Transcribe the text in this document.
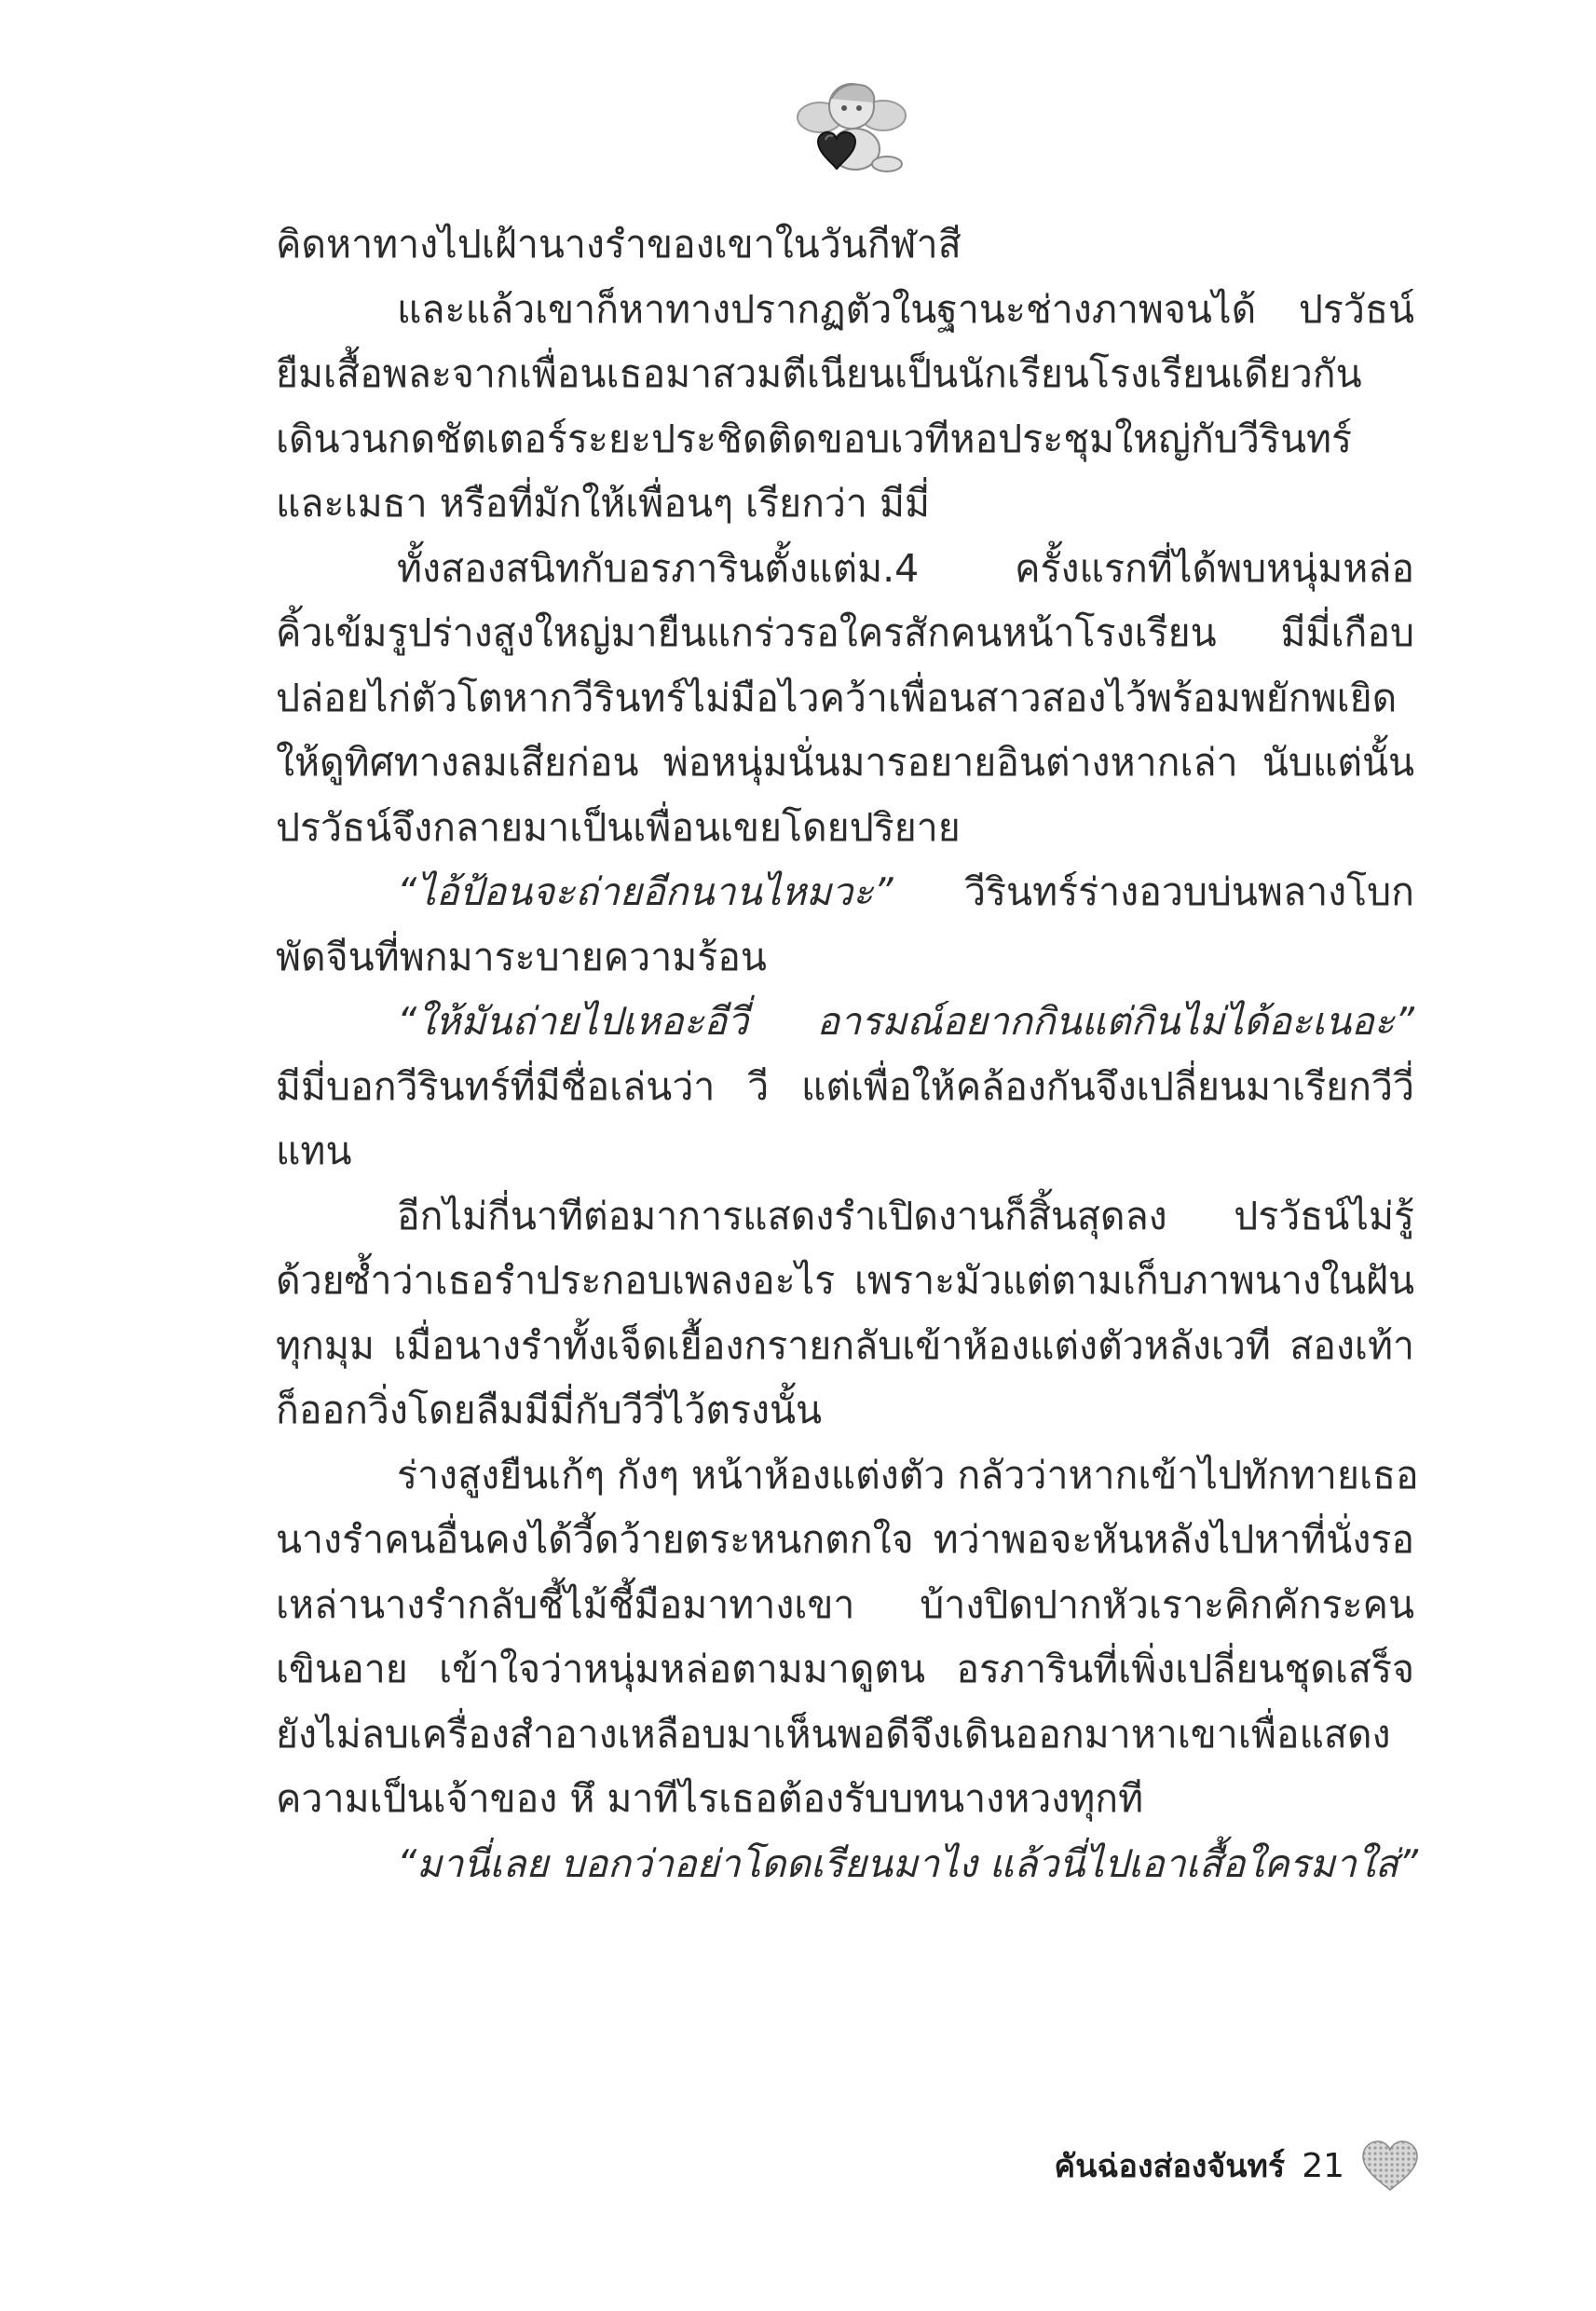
คิดหาทางไปเฝ้านางรำของเขาในวันกีฬาสี
และแล้วเขาก็หาทางปรากฏตัวในฐานะช่างภาพจนได้ ปรวัธน์
ยืมเสื้อพละจากเพื่อนเธอมาสวมตีเนียนเป็นนักเรียนโรงเรียนเดียวกัน
เดินวนกดชัตเตอร์ระยะประชิดติดขอบเวทีหอประชุมใหญ่กับวีรินทร์
และเมธา หรือที่มักให้เพื่อนๆ เรียกว่า มีมี่
ทั้งสองสนิทกับอรภารินตั้งแต่ม.4 ครั้งแรกที่ได้พบหนุ่มหล่อ
คิ้วเข้มรูปร่างสูงใหญ่มายืนแกร่วรอใครสักคนหน้าโรงเรียน มีมี่เกือบ
ปล่อยไก่ตัวโตหากวีรินทร์ไม่มือไวคว้าเพื่อนสาวสองไว้พร้อมพยักพเยิด
ให้ดูทิศทางลมเสียก่อน พ่อหนุ่มนั่นมารอยายอินต่างหากเล่า นับแต่นั้น
ปรวัธน์จึงกลายมาเป็นเพื่อนเขยโดยปริยาย
“ไอ้ป้อนจะถ่ายอีกนานไหมวะ” วีรินทร์ร่างอวบบ่นพลางโบก
พัดจีนที่พกมาระบายความร้อน
“ให้มันถ่ายไปเหอะอีวี่ อารมณ์อยากกินแต่กินไม่ได้อะเนอะ”
มีมี่บอกวีรินทร์ที่มีชื่อเล่นว่า วี แต่เพื่อให้คล้องกันจึงเปลี่ยนมาเรียกวีวี่
แทน
อีกไม่กี่นาทีต่อมาการแสดงรำเปิดงานก็สิ้นสุดลง ปรวัธน์ไม่รู้
ด้วยซ้ำว่าเธอรำประกอบเพลงอะไร เพราะมัวแต่ตามเก็บภาพนางในฝัน
ทุกมุม เมื่อนางรำทั้งเจ็ดเยื้องกรายกลับเข้าห้องแต่งตัวหลังเวที สองเท้า
ก็ออกวิ่งโดยลืมมีมี่กับวีวี่ไว้ตรงนั้น
ร่างสูงยืนเก้ๆ กังๆ หน้าห้องแต่งตัว กลัวว่าหากเข้าไปทักทายเธอ
นางรำคนอื่นคงได้วี้ดว้ายตระหนกตกใจ ทว่าพอจะหันหลังไปหาที่นั่งรอ
เหล่านางรำกลับชี้ไม้ชี้มือมาทางเขา บ้างปิดปากหัวเราะคิกคักระคน
เขินอาย เข้าใจว่าหนุ่มหล่อตามมาดูตน อรภารินที่เพิ่งเปลี่ยนชุดเสร็จ
ยังไม่ลบเครื่องสำอางเหลือบมาเห็นพอดีจึงเดินออกมาหาเขาเพื่อแสดง
ความเป็นเจ้าของ หึ มาทีไรเธอต้องรับบทนางหวงทุกที
“มานี่เลย บอกว่าอย่าโดดเรียนมาไง แล้วนี่ไปเอาเสื้อใครมาใส่”
คันฉ่องส่องจันทร์ 21
